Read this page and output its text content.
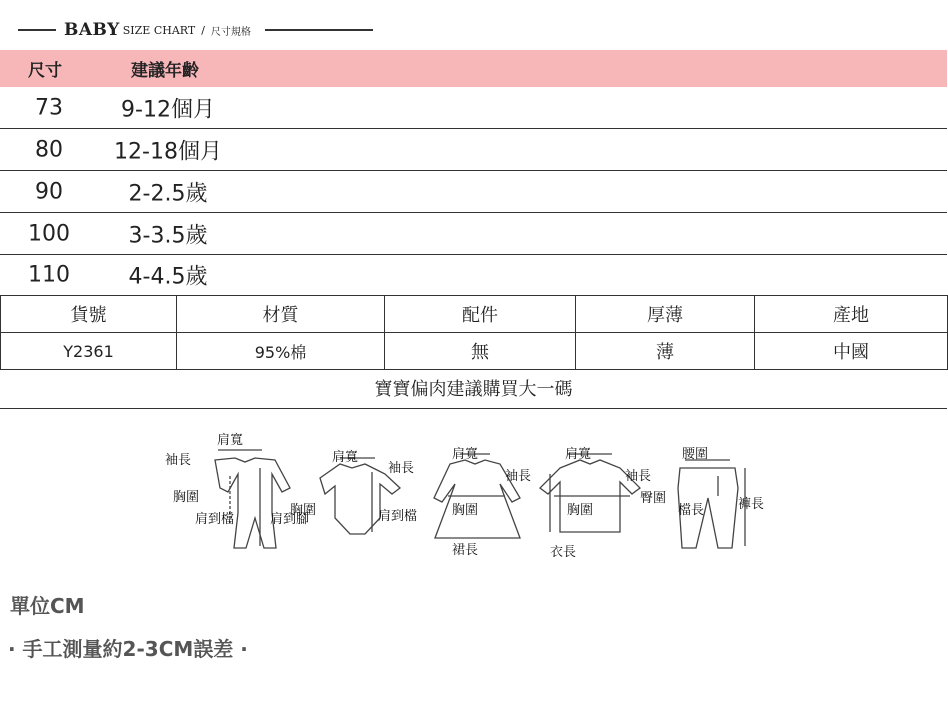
BABY SIZE CHART / 尺寸規格
尺寸	建議年齡
73	9-12個月
80	12-18個月
90	2-2.5歲
100	3-3.5歲
110	4-4.5歲
貨號	材質	配件	厚薄	產地
Y2361	95%棉	無	薄	中國
寶寶偏肉建議購買大一碼
肩寬
袖長
胸圍
肩到檔	肩到腳
肩寬
袖長
胸圍	肩到檔
肩寬
袖長
胸圍
裙長
肩寬
袖長
胸圍
衣長
腰圍
臀圍
檔長	褲長
單位CM
· 手工測量約2-3CM誤差 ·
